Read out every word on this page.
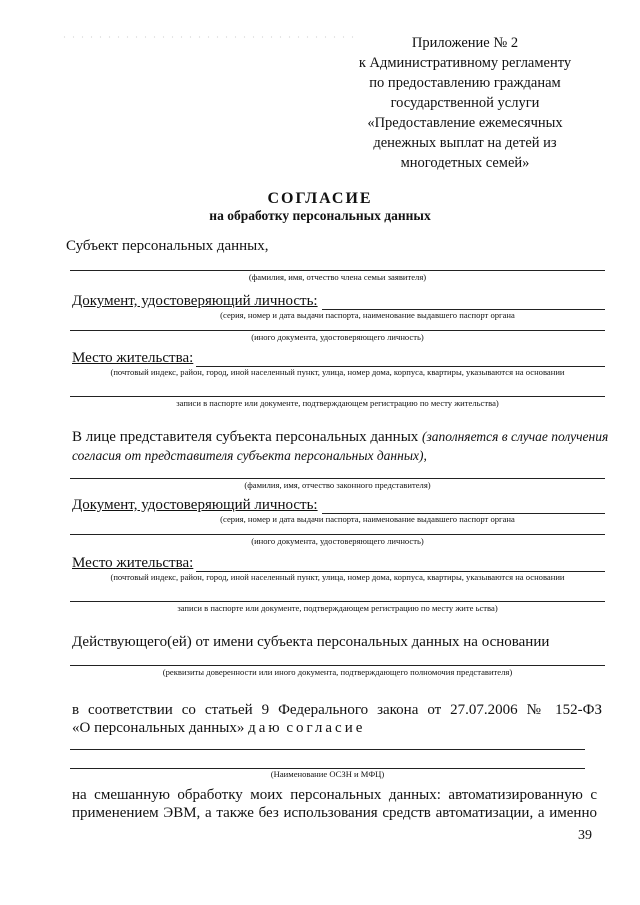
Приложение № 2
к Административному регламенту
по предоставлению гражданам
государственной услуги
«Предоставление ежемесячных
денежных выплат на детей из
многодетных семей»
СОГЛАСИЕ
на обработку персональных данных
Субъект персональных данных,
(фамилия, имя, отчество члена семьи заявителя)
Документ, удостоверяющий личность:
(серия, номер и дата выдачи паспорта, наименование выдавшего паспорт органа
(иного документа, удостоверяющего личность)
Место жительства:
(почтовый индекс, район, город, иной населенный пункт, улица, номер дома, корпуса, квартиры, указываются на основании
записи в паспорте или документе, подтверждающем регистрацию по месту жительства)
В лице представителя субъекта персональных данных (заполняется в случае получения
согласия от представителя субъекта персональных данных),
(фамилия, имя, отчество законного представителя)
Документ, удостоверяющий личность:
(серия, номер и дата выдачи паспорта, наименование выдавшего паспорт органа
(иного документа, удостоверяющего личность)
Место жительства:
(почтовый индекс, район, город, иной населенный пункт, улица, номер дома, корпуса, квартиры, указываются на основании
записи в паспорте или документе, подтверждающем регистрацию по месту жите ьства)
Действующего(ей) от имени субъекта персональных данных на основании
(реквизиты доверенности или иного документа, подтверждающего полномочия представителя)
в соответствии со статьей 9 Федерального закона от 27.07.2006 № 152-ФЗ
«О персональных данных» даю согласие
(Наименование ОСЗН и МФЦ)
на смешанную обработку моих персональных данных: автоматизированную с
применением ЭВМ, а также без использования средств автоматизации, а именно
39
